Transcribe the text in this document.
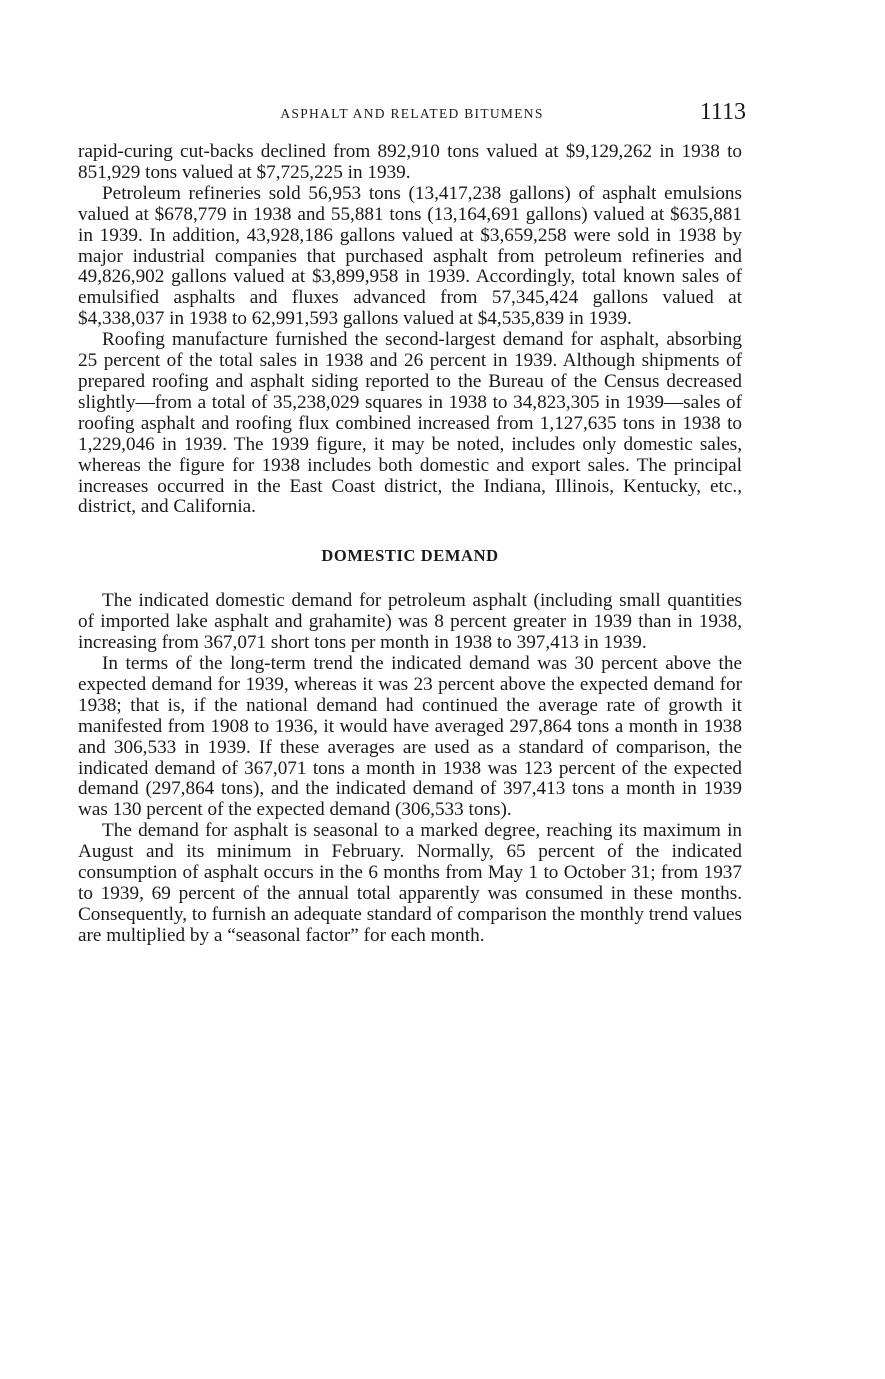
ASPHALT AND RELATED BITUMENS	1113

rapid-curing cut-backs declined from 892,910 tons valued at $9,129,262 in 1938 to 851,929 tons valued at $7,725,225 in 1939.

Petroleum refineries sold 56,953 tons (13,417,238 gallons) of asphalt emulsions valued at $678,779 in 1938 and 55,881 tons (13,164,691 gallons) valued at $635,881 in 1939. In addition, 43,928,186 gallons valued at $3,659,258 were sold in 1938 by major industrial companies that purchased asphalt from petroleum refineries and 49,826,902 gallons valued at $3,899,958 in 1939. Accordingly, total known sales of emulsified asphalts and fluxes advanced from 57,345,424 gallons valued at $4,338,037 in 1938 to 62,991,593 gallons valued at $4,535,839 in 1939.

Roofing manufacture furnished the second-largest demand for asphalt, absorbing 25 percent of the total sales in 1938 and 26 percent in 1939. Although shipments of prepared roofing and asphalt siding reported to the Bureau of the Census decreased slightly—from a total of 35,238,029 squares in 1938 to 34,823,305 in 1939—sales of roofing asphalt and roofing flux combined increased from 1,127,635 tons in 1938 to 1,229,046 in 1939. The 1939 figure, it may be noted, includes only domestic sales, whereas the figure for 1938 includes both domestic and export sales. The principal increases occurred in the East Coast district, the Indiana, Illinois, Kentucky, etc., district, and California.

DOMESTIC DEMAND

The indicated domestic demand for petroleum asphalt (including small quantities of imported lake asphalt and grahamite) was 8 percent greater in 1939 than in 1938, increasing from 367,071 short tons per month in 1938 to 397,413 in 1939.

In terms of the long-term trend the indicated demand was 30 percent above the expected demand for 1939, whereas it was 23 percent above the expected demand for 1938; that is, if the national demand had continued the average rate of growth it manifested from 1908 to 1936, it would have averaged 297,864 tons a month in 1938 and 306,533 in 1939. If these averages are used as a standard of comparison, the indicated demand of 367,071 tons a month in 1938 was 123 percent of the expected demand (297,864 tons), and the indicated demand of 397,413 tons a month in 1939 was 130 percent of the expected demand (306,533 tons).

The demand for asphalt is seasonal to a marked degree, reaching its maximum in August and its minimum in February. Normally, 65 percent of the indicated consumption of asphalt occurs in the 6 months from May 1 to October 31; from 1937 to 1939, 69 percent of the annual total apparently was consumed in these months. Consequently, to furnish an adequate standard of comparison the monthly trend values are multiplied by a “seasonal factor” for each month.
